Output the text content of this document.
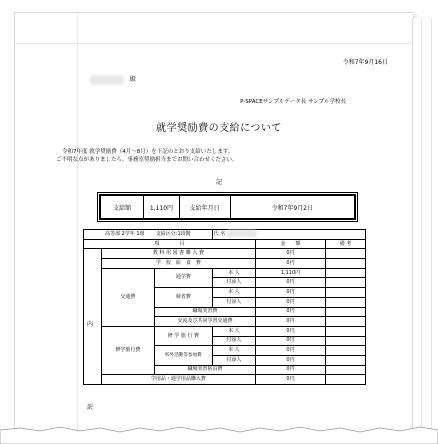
令和7年9月16日
殿
P-SPACEサンプルデータ長 サンプル学校長
就学奨励費の支給について
令和7年度 就学奨励費（4月～8月）を下記のとおり支給いたします。
ご不明な点がありましたら、事務室奨励担当までお問い合わせください。
記
支給額	1,110円	支給年月日	令和7年9月2日
高等部 2学年 1組 支給区分:1段階			氏 名		
項　　　　目				金　　額	備 考

内
訳	教 科 用 図 書 購 入 費			0円	
	学　校　給　食　費			0円	
	交通費	通学費	本 人	1,110円	
			付添人	0円	
		帰省費	本 人	0円	
			付添人	0円	
		職場実習費		0円	
		交流及び共同学習交通費		0円	
	修学旅行費	修 学 旅 行 費	本 人	0円	
			付添人	0円	
		校外活動等参加費	本 人	0円	
			付添人	0円	
		職場実習宿泊費		0円	
	学用品・通学用品購入費			0円	
